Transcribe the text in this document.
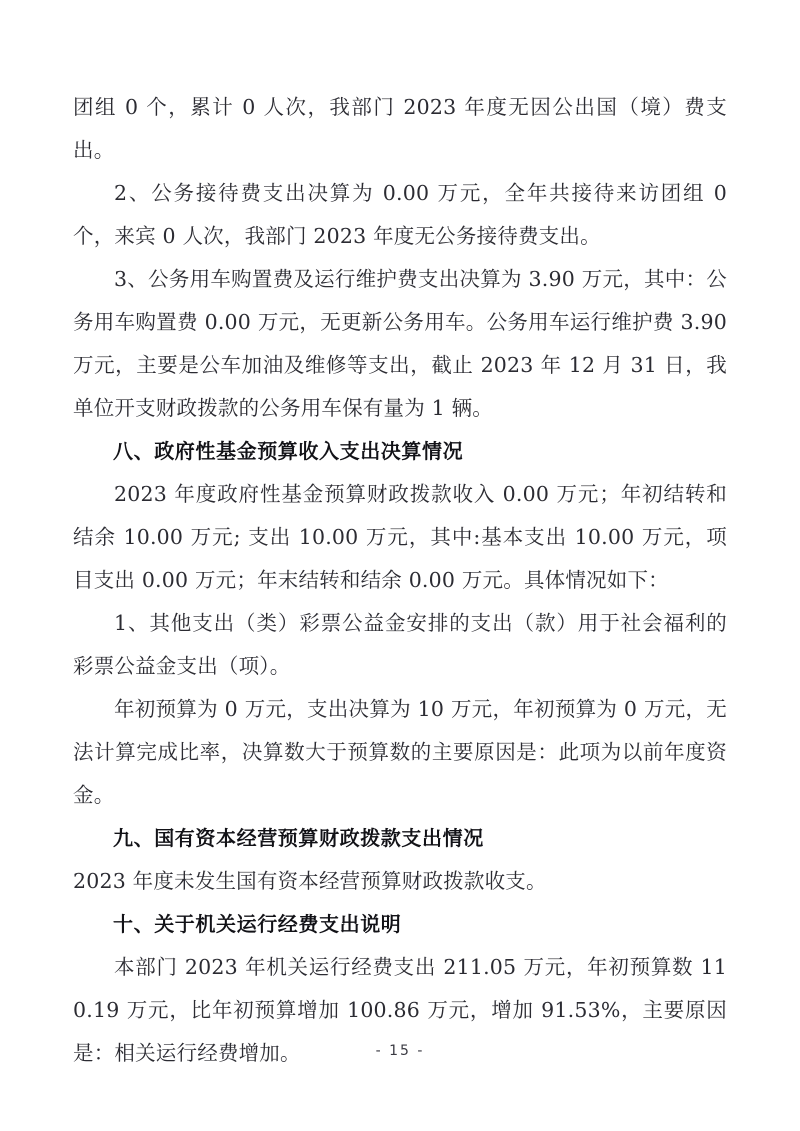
团组 0 个，累计 0 人次，我部门 2023 年度无因公出国（境）费支出。

2、公务接待费支出决算为 0.00 万元，全年共接待来访团组 0 个，来宾 0 人次，我部门 2023 年度无公务接待费支出。

3、公务用车购置费及运行维护费支出决算为 3.90 万元，其中：公务用车购置费 0.00 万元，无更新公务用车。公务用车运行维护费 3.90 万元，主要是公车加油及维修等支出，截止 2023 年 12 月 31 日，我单位开支财政拨款的公务用车保有量为 1 辆。

八、政府性基金预算收入支出决算情况

2023 年度政府性基金预算财政拨款收入 0.00 万元；年初结转和结余 10.00 万元; 支出 10.00 万元，其中:基本支出 10.00 万元，项目支出 0.00 万元；年末结转和结余 0.00 万元。具体情况如下：

1、其他支出（类）彩票公益金安排的支出（款）用于社会福利的彩票公益金支出（项）。

年初预算为 0 万元，支出决算为 10 万元，年初预算为 0 万元，无法计算完成比率，决算数大于预算数的主要原因是：此项为以前年度资金。

九、国有资本经营预算财政拨款支出情况

2023 年度未发生国有资本经营预算财政拨款收支。

十、关于机关运行经费支出说明

本部门 2023 年机关运行经费支出 211.05 万元，年初预算数 110.19 万元，比年初预算增加 100.86 万元，增加 91.53%，主要原因是：相关运行经费增加。	- 15 -
